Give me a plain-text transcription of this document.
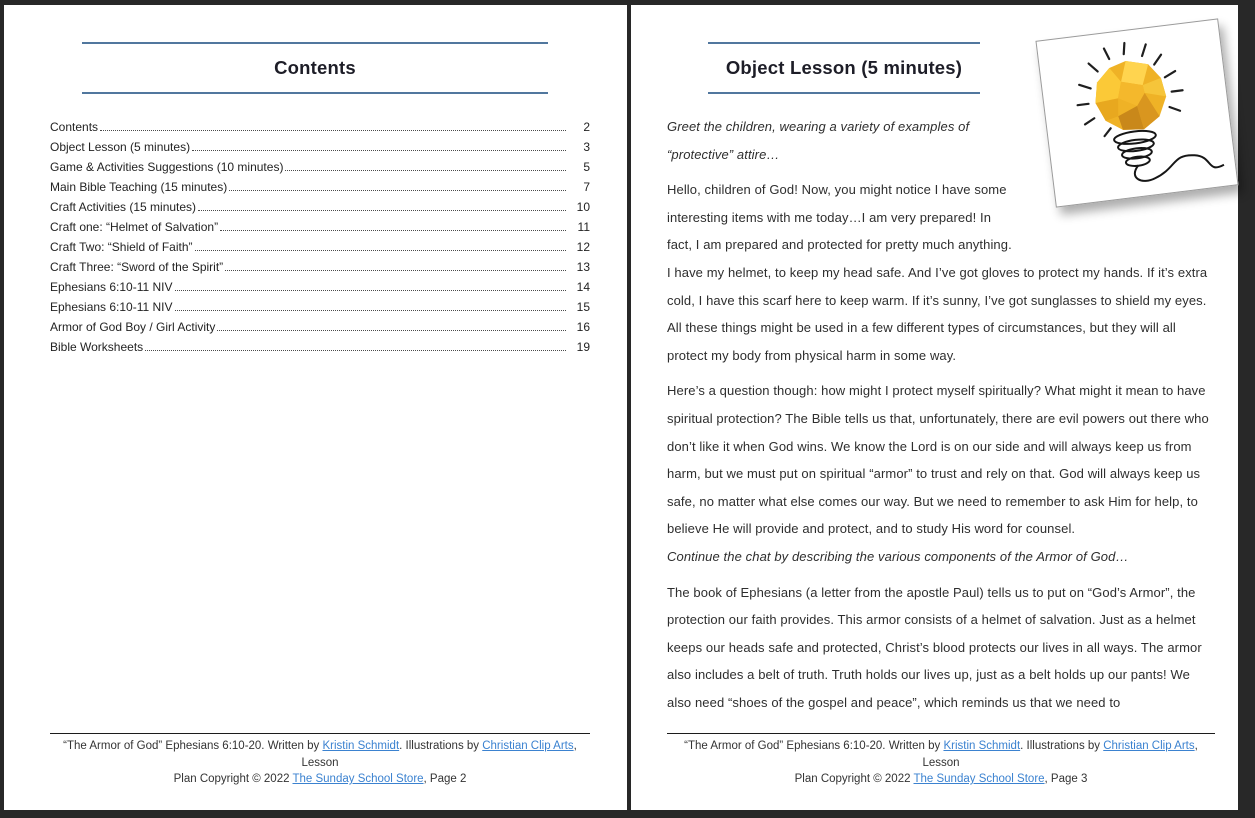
Contents
Contents	2
Object Lesson (5 minutes)	3
Game & Activities Suggestions (10 minutes)	5
Main Bible Teaching (15 minutes)	7
Craft Activities (15 minutes)	10
Craft one: “Helmet of Salvation”	11
Craft Two: “Shield of Faith”	12
Craft Three: “Sword of the Spirit”	13
Ephesians 6:10-11 NIV	14
Ephesians 6:10-11 NIV	15
Armor of God Boy / Girl Activity	16
Bible Worksheets	19
“The Armor of God” Ephesians 6:10-20. Written by Kristin Schmidt. Illustrations by Christian Clip Arts, Lesson
Plan Copyright © 2022 The Sunday School Store, Page 2
Object Lesson (5 minutes)

Greet the children, wearing a variety of examples of “protective” attire…

Hello, children of God! Now, you might notice I have some interesting items with me today…I am very prepared! In fact, I am prepared and protected for pretty much anything. I have my helmet, to keep my head safe. And I’ve got gloves to protect my hands. If it’s extra cold, I have this scarf here to keep warm. If it’s sunny, I’ve got sunglasses to shield my eyes. All these things might be used in a few different types of circumstances, but they will all protect my body from physical harm in some way.

Here’s a question though: how might I protect myself spiritually? What might it mean to have spiritual protection? The Bible tells us that, unfortunately, there are evil powers out there who don’t like it when God wins. We know the Lord is on our side and will always keep us from harm, but we must put on spiritual “armor” to trust and rely on that. God will always keep us safe, no matter what else comes our way. But we need to remember to ask Him for help, to believe He will provide and protect, and to study His word for counsel.

Continue the chat by describing the various components of the Armor of God…

The book of Ephesians (a letter from the apostle Paul) tells us to put on “God’s Armor”, the protection our faith provides. This armor consists of a helmet of salvation. Just as a helmet keeps our heads safe and protected, Christ’s blood protects our lives in all ways. The armor also includes a belt of truth. Truth holds our lives up, just as a belt holds up our pants! We also need “shoes of the gospel and peace”, which reminds us that we need to

“The Armor of God” Ephesians 6:10-20. Written by Kristin Schmidt. Illustrations by Christian Clip Arts, Lesson
Plan Copyright © 2022 The Sunday School Store, Page 3
